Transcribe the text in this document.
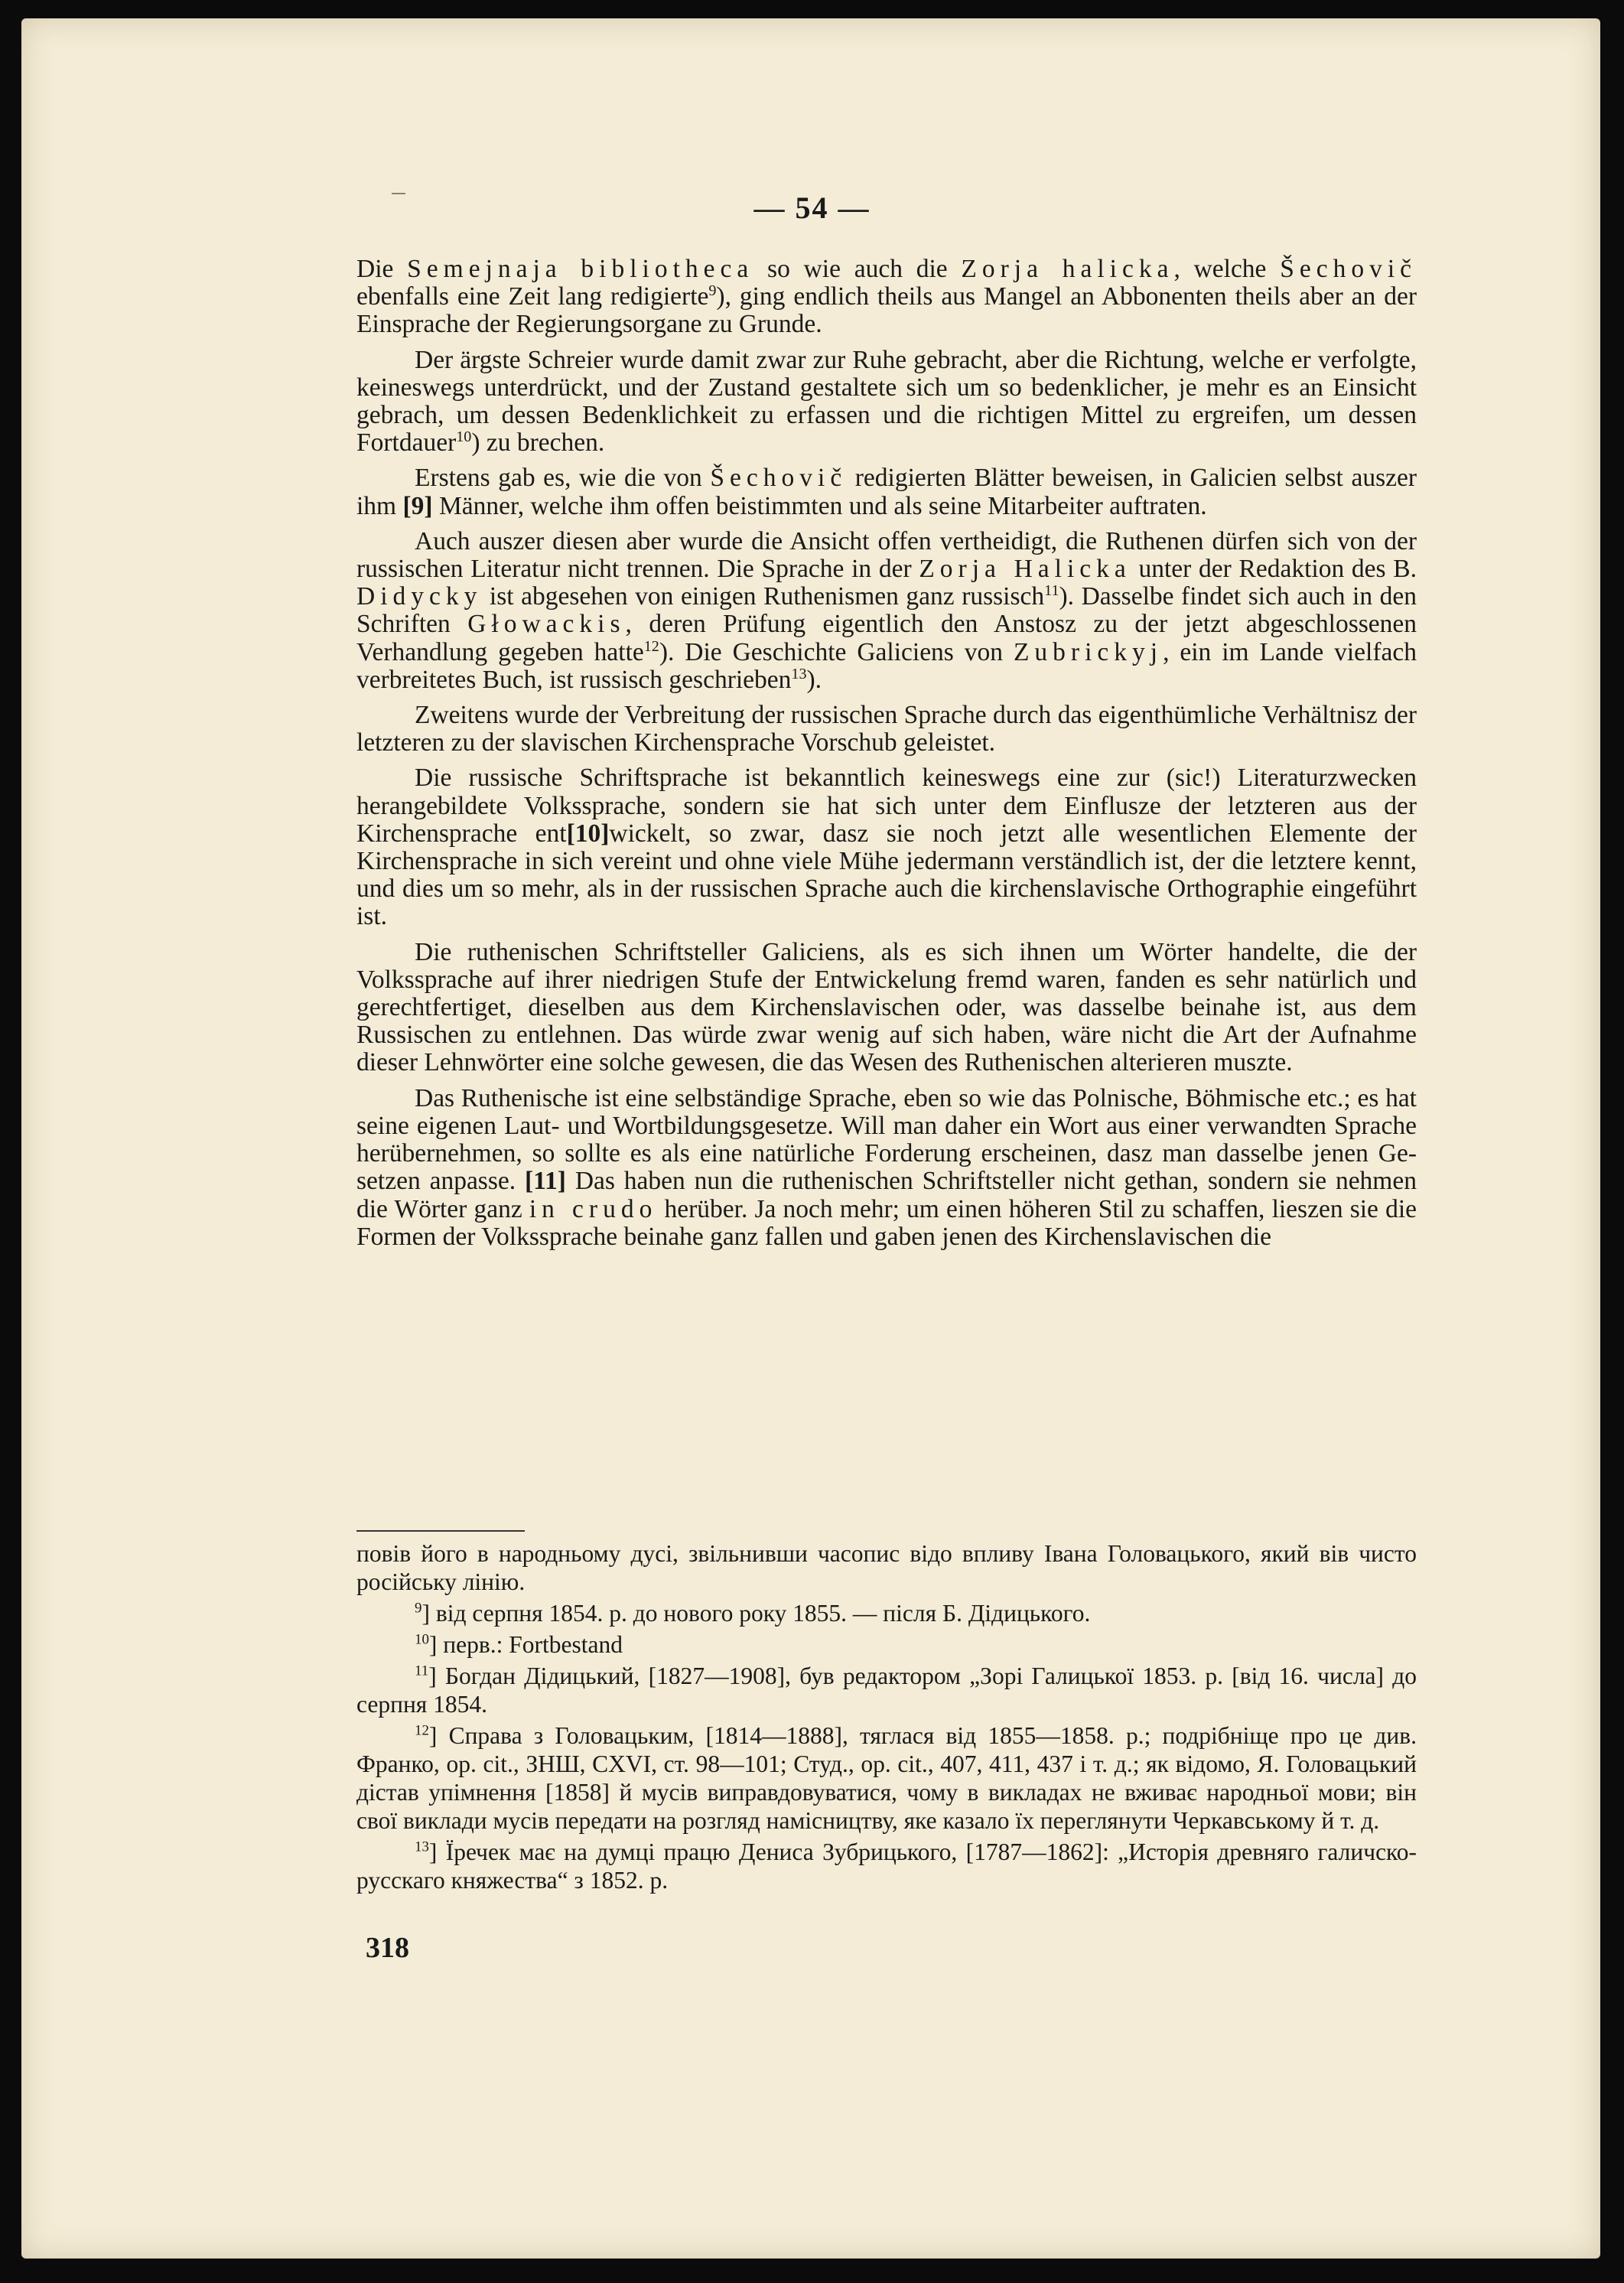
— 54 —

Die Semejnaja bibliotheca so wie auch die Zorja halicka, welche Šechovič ebenfalls eine Zeit lang redigierte$^9$), ging endlich theils aus Mangel an Abbonenten theils aber an der Einsprache der Regierungsorgane zu Grunde.

Der ärgste Schreier wurde damit zwar zur Ruhe gebracht, aber die Richtung, welche er verfolgte, keineswegs unterdrückt, und der Zustand gestaltete sich um so bedenklicher, je mehr es an Einsicht gebrach, um dessen Bedenklichkeit zu erfassen und die richtigen Mittel zu ergreifen, um dessen Fortdauer$^{10}$) zu brechen.

Erstens gab es, wie die von Šechovič redigierten Blätter beweisen, in Galicien selbst auszer ihm [9] Männer, welche ihm offen beistimmten und als seine Mitarbeiter auftraten.

Auch auszer diesen aber wurde die Ansicht offen vertheidigt, die Ruthenen dürfen sich von der russischen Literatur nicht trennen. Die Sprache in der Zorja Halicka unter der Redaktion des B. Didycky ist abgesehen von einigen Ruthenismen ganz russisch$^{11}$). Dasselbe findet sich auch in den Schriften Głowackis, deren Prüfung eigentlich den Anstosz zu der jetzt abgeschlossenen Verhandlung gegeben hatte$^{12}$). Die Geschichte Galiciens von Zubrickyj, ein im Lande vielfach verbreitetes Buch, ist russisch geschrieben$^{13}$).

Zweitens wurde der Verbreitung der russischen Sprache durch das eigenthümliche Verhältnisz der letzteren zu der slavischen Kirchensprache Vorschub geleistet.

Die russische Schriftsprache ist bekanntlich keineswegs eine zur (sic!) Literaturzwecken herangebildete Volkssprache, sondern sie hat sich unter dem Einflusze der letzteren aus der Kirchensprache ent[10]wickelt, so zwar, dasz sie noch jetzt alle wesentlichen Elemente der Kirchensprache in sich vereint und ohne viele Mühe jedermann verständlich ist, der die letztere kennt, und dies um so mehr, als in der russischen Sprache auch die kirchenslavische Orthographie eingeführt ist.

Die ruthenischen Schriftsteller Galiciens, als es sich ihnen um Wörter handelte, die der Volkssprache auf ihrer niedrigen Stufe der Entwickelung fremd waren, fanden es sehr natürlich und gerechtfertiget, dieselben aus dem Kirchenslavischen oder, was dasselbe beinahe ist, aus dem Russischen zu entlehnen. Das würde zwar wenig auf sich haben, wäre nicht die Art der Aufnahme dieser Lehnwörter eine solche gewesen, die das Wesen des Ruthenischen alterieren muszte.

Das Ruthenische ist eine selbständige Sprache, eben so wie das Polnische, Böhmische etc.; es hat seine eigenen Laut- und Wortbildungsgesetze. Will man daher ein Wort aus einer verwandten Sprache herübernehmen, so sollte es als eine natürliche Forderung erscheinen, dasz man dasselbe jenen Gesetzen anpasse. [11] Das haben nun die ruthenischen Schriftsteller nicht gethan, sondern sie nehmen die Wörter ganz in crudo herüber. Ja noch mehr; um einen höheren Stil zu schaffen, lieszen sie die Formen der Volkssprache beinahe ganz fallen und gaben jenen des Kirchenslavischen die

повів його в народньому дусі, звільнивши часопис відо впливу Івана Головацького, який вів чисто російську лінію.

$^9$] від серпня 1854. р. до нового року 1855. — після Б. Дідицького.

$^{10}$] перв.: Fortbestand

$^{11}$] Богдан Дідицький, [1827—1908], був редактором „Зорі Галицької 1853. р. [від 16. числа] до серпня 1854.

$^{12}$] Справа з Головацьким, [1814—1888], тяглася від 1855—1858. р.; подрібніще про це див. Франко, op. cit., ЗНШ, CXVI, ст. 98—101; Студ., op. cit., 407, 411, 437 і т. д.; як відомо, Я. Головацький дістав упімнення [1858] й мусів виправдовуватися, чому в викладах не вживає народньої мови; він свої виклади мусів передати на розгляд намісництву, яке казало їх переглянути Черкавському й т. д.

$^{13}$] Їречек має на думці працю Дениса Зубрицького, [1787—1862]: „Исторія древняго галичско-русскаго княжества“ з 1852. р.

318
